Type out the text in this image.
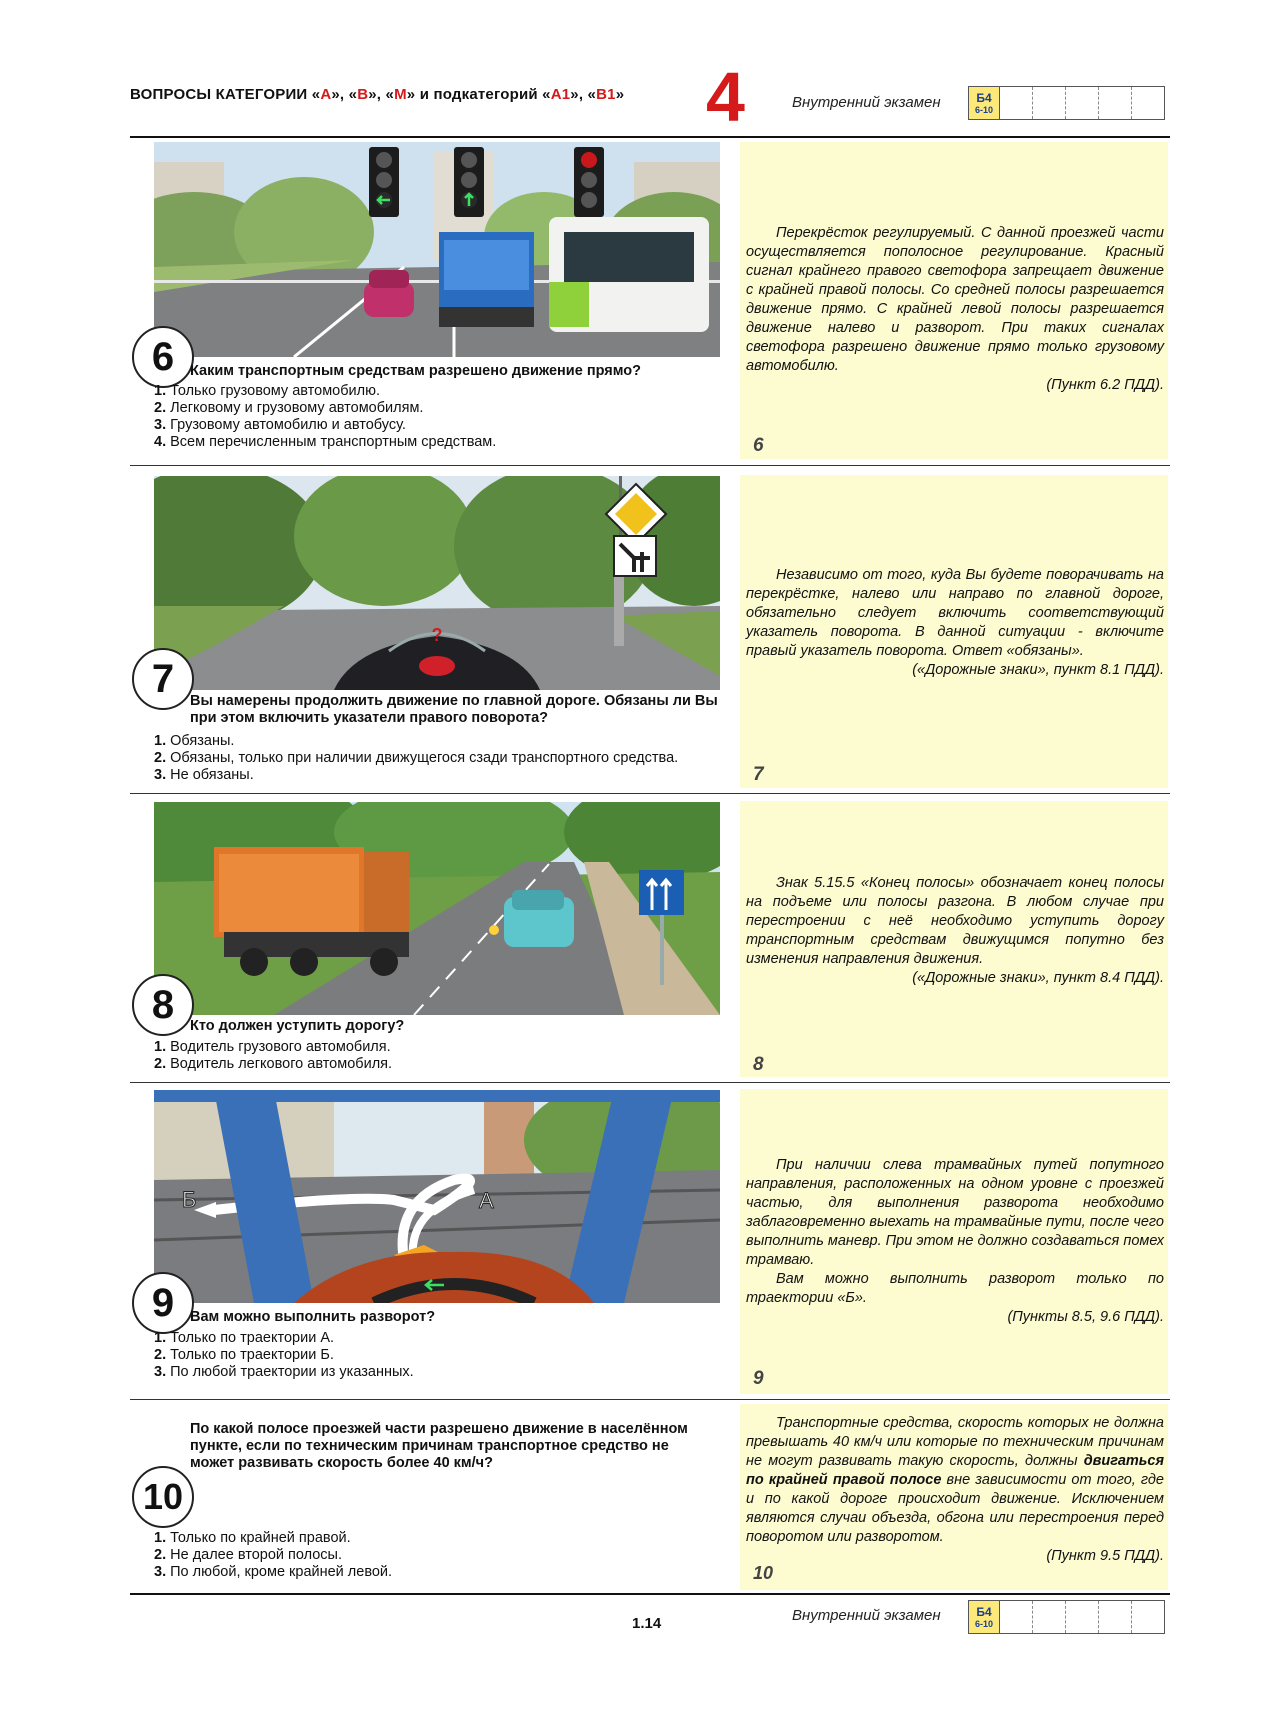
ВОПРОСЫ КАТЕГОРИИ «А», «В», «М» и подкатегорий «А1», «В1» 4	Внутренний экзамен	Б4
6-10
6	Каким транспортным средствам разрешено движение прямо?
1. Только грузовому автомобилю.
2. Легковому и грузовому автомобилям.
3. Грузовому автомобилю и автобусу.
4. Всем перечисленным транспортным средствам.

Перекрёсток регулируемый. С данной проезжей части осуществляется пополосное регулирование. Красный сигнал крайнего правого светофора запрещает движение с крайней правой полосы. Со средней полосы разрешается движение прямо. С крайней левой полосы разрешается движение налево и разворот. При таких сигналах светофора разрешено движение прямо только грузовому автомобилю.

(Пункт 6.2 ПДД).

6
?
7
Вы намерены продолжить движение по главной дороге. Обязаны ли Вы при этом включить указатели правого поворота?
1. Обязаны.
2. Обязаны, только при наличии движущегося сзади транспортного средства.
3. Не обязаны.

Независимо от того, куда Вы будете поворачивать на перекрёстке, налево или направо по главной дороге, обязательно следует включить соответствующий указатель поворота. В данной ситуации - включите правый указатель поворота. Ответ «обязаны».

(«Дорожные знаки», пункт 8.1 ПДД).

7
8	Кто должен уступить дорогу?
1. Водитель грузового автомобиля.
2. Водитель легкового автомобиля.

Знак 5.15.5 «Конец полосы» обозначает конец полосы на подъеме или полосы разгона. В любом случае при перестроении с неё необходимо уступить дорогу транспортным средствам движущимся попутно без изменения направления движения.

(«Дорожные знаки», пункт 8.4 ПДД).

8
Б	А
9	Вам можно выполнить разворот?
1. Только по траектории А.
2. Только по траектории Б.
3. По любой траектории из указанных.

При наличии слева трамвайных путей попутного направления, расположенных на одном уровне с проезжей частью, для выполнения разворота необходимо заблаговременно выехать на трамвайные пути, после чего выполнить маневр. При этом не должно создаваться помех трамваю.

Вам можно выполнить разворот только по траектории «Б».

(Пункты 8.5, 9.6 ПДД).

9
По какой полосе проезжей части разрешено движение в населённом пункте, если по техническим причинам транспортное средство не может развивать скорость более 40 км/ч?
10
1. Только по крайней правой.
2. Не далее второй полосы.
3. По любой, кроме крайней левой.

Транспортные средства, скорость которых не должна превышать 40 км/ч или которые по техническим причинам не могут развивать такую скорость, должны двигаться по крайней правой полосе вне зависимости от того, где и по какой дороге происходит движение. Исключением являются случаи объезда, обгона или перестроения перед поворотом или разворотом.

(Пункт 9.5 ПДД).

10
1.14	Внутренний экзамен	Б4
6-10
